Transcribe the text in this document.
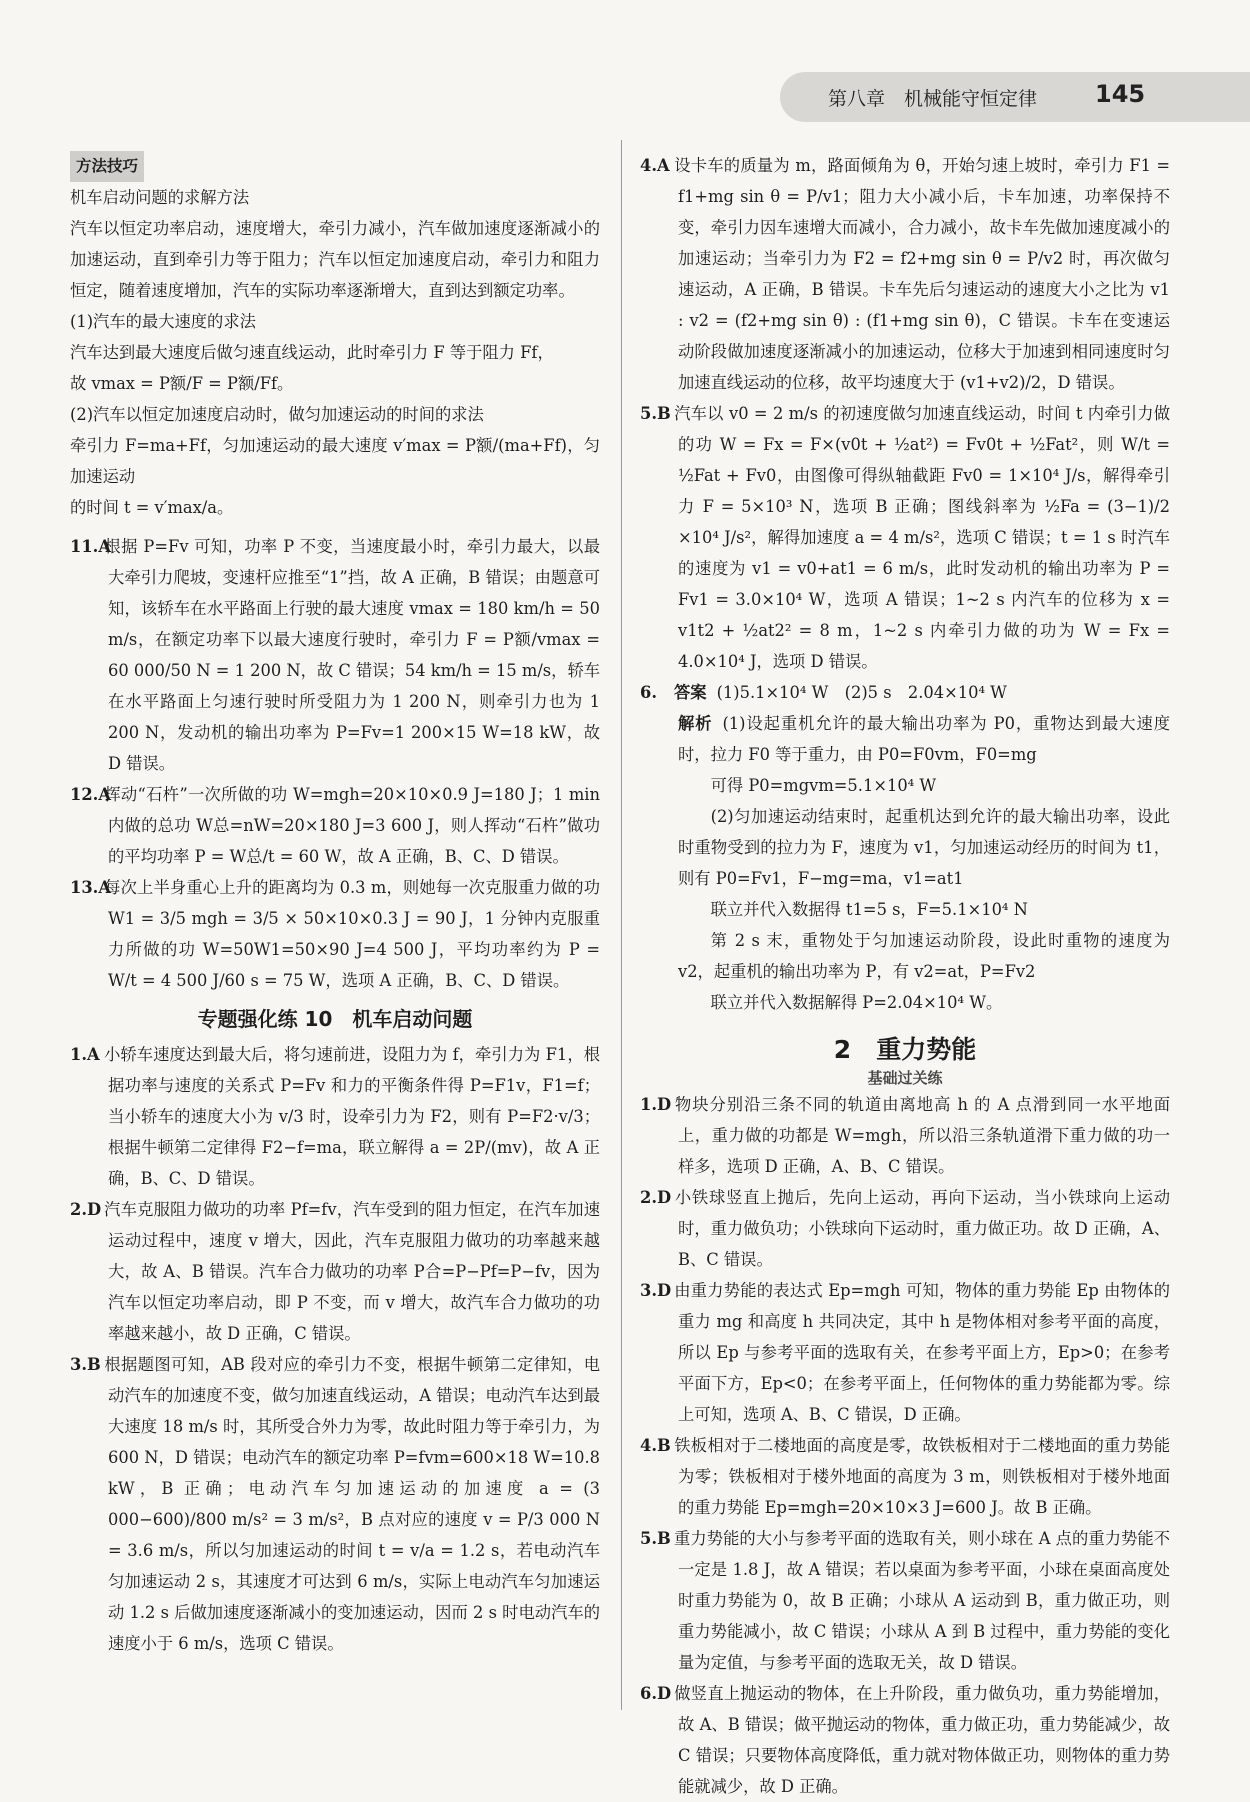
第八章　机械能守恒定律 145

方法技巧

机车启动问题的求解方法

汽车以恒定功率启动，速度增大，牵引力减小，汽车做加速度逐渐减小的加速运动，直到牵引力等于阻力；汽车以恒定加速度启动，牵引力和阻力恒定，随着速度增加，汽车的实际功率逐渐增大，直到达到额定功率。

(1)汽车的最大速度的求法

汽车达到最大速度后做匀速直线运动，此时牵引力 F 等于阻力 Ff，

故 vmax = P额/F = P额/Ff。

(2)汽车以恒定加速度启动时，做匀加速运动的时间的求法

牵引力 F=ma+Ff，匀加速运动的最大速度 v′max = P额/(ma+Ff)，匀加速运动

的时间 t = v′max/a。

11.A根据 P=Fv 可知，功率 P 不变，当速度最小时，牵引力最大，以最大牵引力爬坡，变速杆应推至“1”挡，故 A 正确，B 错误；由题意可知，该轿车在水平路面上行驶的最大速度 vmax = 180 km/h = 50 m/s，在额定功率下以最大速度行驶时，牵引力 F = P额/vmax = 60 000/50 N = 1 200 N，故 C 错误；54 km/h = 15 m/s，轿车在水平路面上匀速行驶时所受阻力为 1 200 N，则牵引力也为 1 200 N，发动机的输出功率为 P=Fv=1 200×15 W=18 kW，故 D 错误。

12.A挥动“石杵”一次所做的功 W=mgh=20×10×0.9 J=180 J；1 min 内做的总功 W总=nW=20×180 J=3 600 J，则人挥动“石杵”做功的平均功率 P = W总/t = 60 W，故 A 正确，B、C、D 错误。

13.A每次上半身重心上升的距离均为 0.3 m，则她每一次克服重力做的功 W1 = 3/5 mgh = 3/5 × 50×10×0.3 J = 90 J，1 分钟内克服重力所做的功 W=50W1=50×90 J=4 500 J，平均功率约为 P = W/t = 4 500 J/60 s = 75 W，选项 A 正确，B、C、D 错误。

专题强化练 10　机车启动问题

1.A 小轿车速度达到最大后，将匀速前进，设阻力为 f，牵引力为 F1，根据功率与速度的关系式 P=Fv 和力的平衡条件得 P=F1v，F1=f；当小轿车的速度大小为 v/3 时，设牵引力为 F2，则有 P=F2·v/3；根据牛顿第二定律得 F2−f=ma，联立解得 a = 2P/(mv)，故 A 正确，B、C、D 错误。

2.D 汽车克服阻力做功的功率 Pf=fv，汽车受到的阻力恒定，在汽车加速运动过程中，速度 v 增大，因此，汽车克服阻力做功的功率越来越大，故 A、B 错误。汽车合力做功的功率 P合=P−Pf=P−fv，因为汽车以恒定功率启动，即 P 不变，而 v 增大，故汽车合力做功的功率越来越小，故 D 正确，C 错误。

3.B 根据题图可知，AB 段对应的牵引力不变，根据牛顿第二定律知，电动汽车的加速度不变，做匀加速直线运动，A 错误；电动汽车达到最大速度 18 m/s 时，其所受合外力为零，故此时阻力等于牵引力，为 600 N，D 错误；电动汽车的额定功率 P=fvm=600×18 W=10.8 kW，B 正确；电动汽车匀加速运动的加速度 a = (3 000−600)/800 m/s² = 3 m/s²，B 点对应的速度 v = P/3 000 N = 3.6 m/s，所以匀加速运动的时间 t = v/a = 1.2 s，若电动汽车匀加速运动 2 s，其速度才可达到 6 m/s，实际上电动汽车匀加速运动 1.2 s 后做加速度逐渐减小的变加速运动，因而 2 s 时电动汽车的速度小于 6 m/s，选项 C 错误。

4.A 设卡车的质量为 m，路面倾角为 θ，开始匀速上坡时，牵引力 F1 = f1+mg sin θ = P/v1；阻力大小减小后，卡车加速，功率保持不变，牵引力因车速增大而减小，合力减小，故卡车先做加速度减小的加速运动；当牵引力为 F2 = f2+mg sin θ = P/v2 时，再次做匀速运动，A 正确，B 错误。卡车先后匀速运动的速度大小之比为 v1 : v2 = (f2+mg sin θ) : (f1+mg sin θ)，C 错误。卡车在变速运动阶段做加速度逐渐减小的加速运动，位移大于加速到相同速度时匀加速直线运动的位移，故平均速度大于 (v1+v2)/2，D 错误。

5.B 汽车以 v0 = 2 m/s 的初速度做匀加速直线运动，时间 t 内牵引力做的功 W = Fx = F×(v0t + ½at²) = Fv0t + ½Fat²，则 W/t = ½Fat + Fv0，由图像可得纵轴截距 Fv0 = 1×10⁴ J/s，解得牵引力 F = 5×10³ N，选项 B 正确；图线斜率为 ½Fa = (3−1)/2 ×10⁴ J/s²，解得加速度 a = 4 m/s²，选项 C 错误；t = 1 s 时汽车的速度为 v1 = v0+at1 = 6 m/s，此时发动机的输出功率为 P = Fv1 = 3.0×10⁴ W，选项 A 错误；1~2 s 内汽车的位移为 x = v1t2 + ½at2² = 8 m，1~2 s 内牵引力做的功为 W = Fx = 4.0×10⁴ J，选项 D 错误。

6. 答案 (1)5.1×10⁴ W　(2)5 s　2.04×10⁴ W

解析 (1)设起重机允许的最大输出功率为 P0，重物达到最大速度时，拉力 F0 等于重力，由 P0=F0vm，F0=mg

可得 P0=mgvm=5.1×10⁴ W

(2)匀加速运动结束时，起重机达到允许的最大输出功率，设此时重物受到的拉力为 F，速度为 v1，匀加速运动经历的时间为 t1，则有 P0=Fv1，F−mg=ma，v1=at1

联立并代入数据得 t1=5 s，F=5.1×10⁴ N

第 2 s 末，重物处于匀加速运动阶段，设此时重物的速度为 v2，起重机的输出功率为 P，有 v2=at，P=Fv2

联立并代入数据解得 P=2.04×10⁴ W。

2　重力势能
基础过关练

1.D 物块分别沿三条不同的轨道由离地高 h 的 A 点滑到同一水平地面上，重力做的功都是 W=mgh，所以沿三条轨道滑下重力做的功一样多，选项 D 正确，A、B、C 错误。

2.D 小铁球竖直上抛后，先向上运动，再向下运动，当小铁球向上运动时，重力做负功；小铁球向下运动时，重力做正功。故 D 正确，A、B、C 错误。

3.D 由重力势能的表达式 Ep=mgh 可知，物体的重力势能 Ep 由物体的重力 mg 和高度 h 共同决定，其中 h 是物体相对参考平面的高度，所以 Ep 与参考平面的选取有关，在参考平面上方，Ep>0；在参考平面下方，Ep<0；在参考平面上，任何物体的重力势能都为零。综上可知，选项 A、B、C 错误，D 正确。

4.B 铁板相对于二楼地面的高度是零，故铁板相对于二楼地面的重力势能为零；铁板相对于楼外地面的高度为 3 m，则铁板相对于楼外地面的重力势能 Ep=mgh=20×10×3 J=600 J。故 B 正确。

5.B 重力势能的大小与参考平面的选取有关，则小球在 A 点的重力势能不一定是 1.8 J，故 A 错误；若以桌面为参考平面，小球在桌面高度处时重力势能为 0，故 B 正确；小球从 A 运动到 B，重力做正功，则重力势能减小，故 C 错误；小球从 A 到 B 过程中，重力势能的变化量为定值，与参考平面的选取无关，故 D 错误。

6.D 做竖直上抛运动的物体，在上升阶段，重力做负功，重力势能增加，故 A、B 错误；做平抛运动的物体，重力做正功，重力势能减少，故 C 错误；只要物体高度降低，重力就对物体做正功，则物体的重力势能就减少，故 D 正确。
